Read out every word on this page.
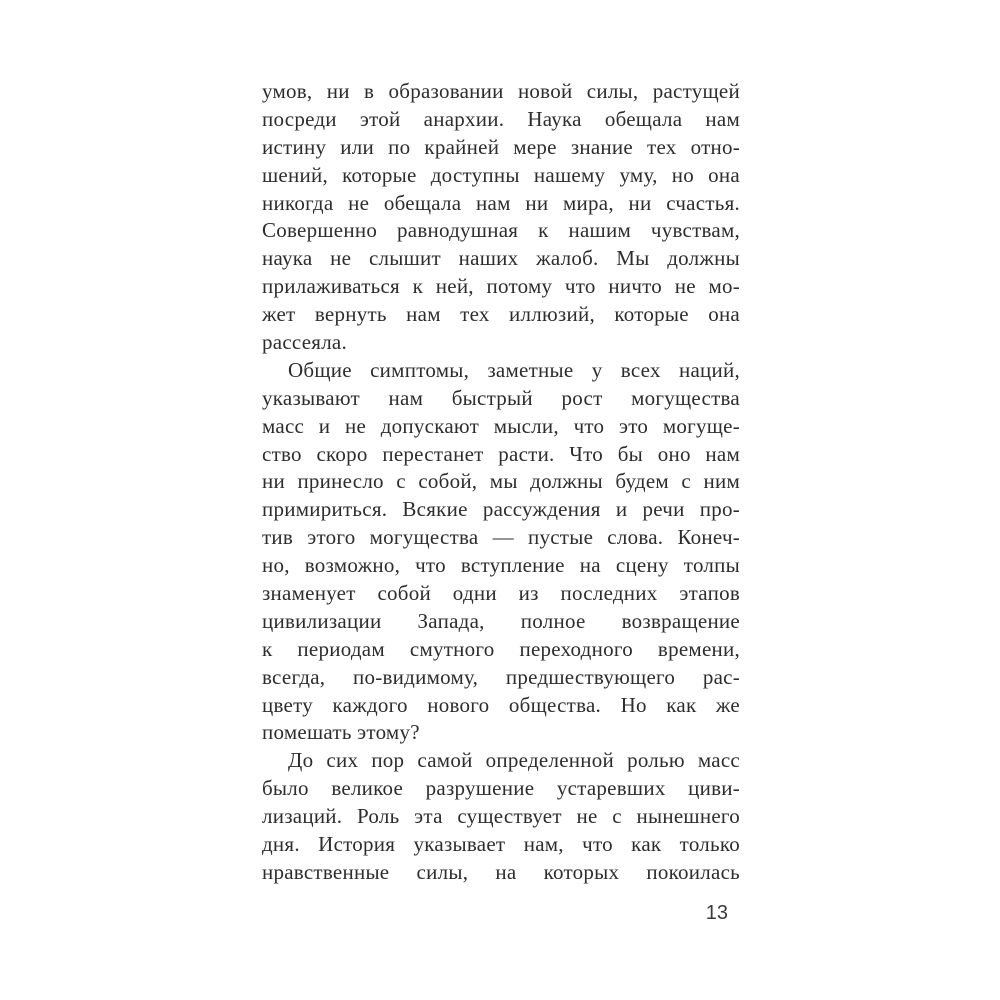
умов, ни в образовании новой силы, растущей
посреди этой анархии. Наука обещала нам
истину или по крайней мере знание тех отно-
шений, которые доступны нашему уму, но она
никогда не обещала нам ни мира, ни счастья.
Совершенно равнодушная к нашим чувствам,
наука не слышит наших жалоб. Мы должны
прилаживаться к ней, потому что ничто не мо-
жет вернуть нам тех иллюзий, которые она
рассеяла.
Общие симптомы, заметные у всех наций,
указывают нам быстрый рост могущества
масс и не допускают мысли, что это могуще-
ство скоро перестанет расти. Что бы оно нам
ни принесло с собой, мы должны будем с ним
примириться. Всякие рассуждения и речи про-
тив этого могущества — пустые слова. Конеч-
но, возможно, что вступление на сцену толпы
знаменует собой одни из последних этапов
цивилизации Запада, полное возвращение
к периодам смутного переходного времени,
всегда, по-видимому, предшествующего рас-
цвету каждого нового общества. Но как же
помешать этому?
До сих пор самой определенной ролью масс
было великое разрушение устаревших циви-
лизаций. Роль эта существует не с нынешнего
дня. История указывает нам, что как только
нравственные силы, на которых покоилась
13
